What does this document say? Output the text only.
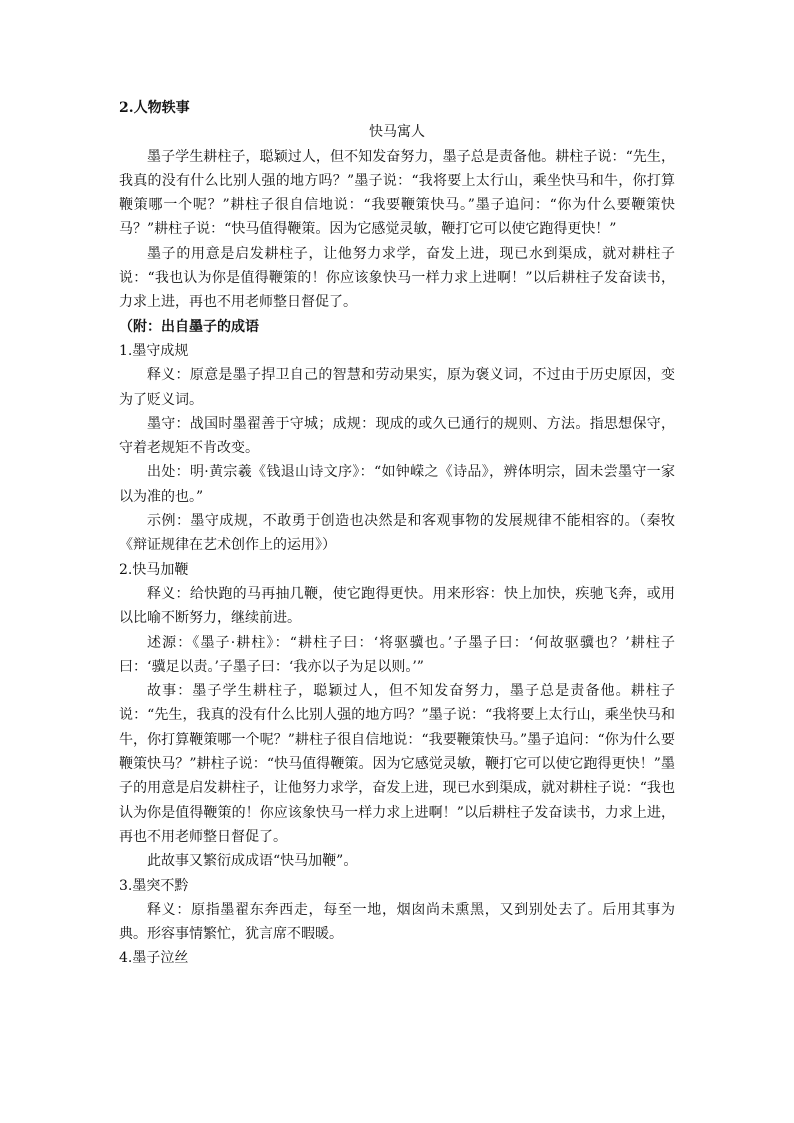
2.人物轶事

快马寓人

墨子学生耕柱子，聪颖过人，但不知发奋努力，墨子总是责备他。耕柱子说：“先生，我真的没有什么比别人强的地方吗？”墨子说：“我将要上太行山，乘坐快马和牛，你打算鞭策哪一个呢？”耕柱子很自信地说：“我要鞭策快马。”墨子追问：“你为什么要鞭策快马？”耕柱子说：“快马值得鞭策。因为它感觉灵敏，鞭打它可以使它跑得更快！”

墨子的用意是启发耕柱子，让他努力求学，奋发上进，现已水到渠成，就对耕柱子说：“我也认为你是值得鞭策的！你应该象快马一样力求上进啊！”以后耕柱子发奋读书，力求上进，再也不用老师整日督促了。

（附：出自墨子的成语

1.墨守成规

释义：原意是墨子捍卫自己的智慧和劳动果实，原为褒义词，不过由于历史原因，变为了贬义词。

墨守：战国时墨翟善于守城；成规：现成的或久已通行的规则、方法。指思想保守，守着老规矩不肯改变。

出处：明·黄宗羲《钱退山诗文序》：“如钟嵘之《诗品》，辨体明宗，固未尝墨守一家以为准的也。”

示例：墨守成规，不敢勇于创造也决然是和客观事物的发展规律不能相容的。（秦牧《辩证规律在艺术创作上的运用》）

2.快马加鞭

释义：给快跑的马再抽几鞭，使它跑得更快。用来形容：快上加快，疾驰飞奔，或用以比喻不断努力，继续前进。

述源：《墨子·耕柱》：“耕柱子曰：‘将驱骥也。’子墨子曰：‘何故驱骥也？’耕柱子曰：‘骥足以责。’子墨子曰：‘我亦以子为足以则。’”

故事：墨子学生耕柱子，聪颖过人，但不知发奋努力，墨子总是责备他。耕柱子说：“先生，我真的没有什么比别人强的地方吗？”墨子说：“我将要上太行山，乘坐快马和牛，你打算鞭策哪一个呢？”耕柱子很自信地说：“我要鞭策快马。”墨子追问：“你为什么要鞭策快马？”耕柱子说：“快马值得鞭策。因为它感觉灵敏，鞭打它可以使它跑得更快！”墨子的用意是启发耕柱子，让他努力求学，奋发上进，现已水到渠成，就对耕柱子说：“我也认为你是值得鞭策的！你应该象快马一样力求上进啊！”以后耕柱子发奋读书，力求上进，再也不用老师整日督促了。

此故事又繁衍成成语“快马加鞭”。

3.墨突不黔

释义：原指墨翟东奔西走，每至一地，烟囱尚未熏黑，又到别处去了。后用其事为典。形容事情繁忙，犹言席不暇暖。

4.墨子泣丝
